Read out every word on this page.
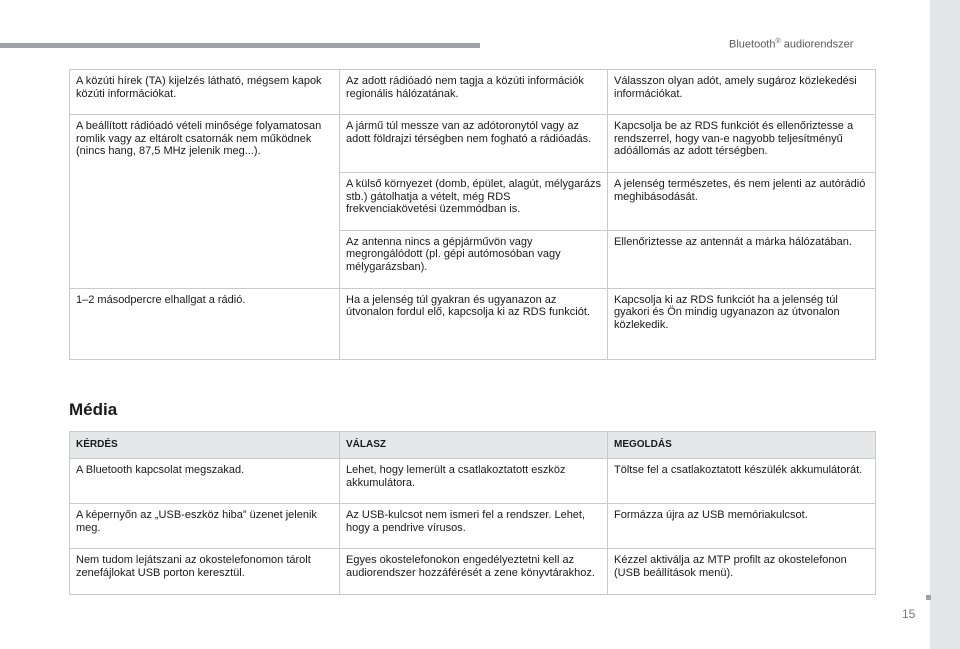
Bluetooth® audiorendszer
15
A közúti hírek (TA) kijelzés látható, mégsem kapok közúti információkat.	Az adott rádióadó nem tagja a közúti információk regionális hálózatának.	Válasszon olyan adót, amely sugároz közlekedési információkat.
A beállított rádióadó vételi minősége folyamatosan romlik vagy az eltárolt csatornák nem működnek (nincs hang, 87,5 MHz jelenik meg...).	A jármű túl messze van az adótoronytól vagy az adott földrajzi térségben nem fogható a rádióadás.	Kapcsolja be az RDS funkciót és ellenőriztesse a rendszerrel, hogy van-e nagyobb teljesítményű adóállomás az adott térségben.
	A külső környezet (domb, épület, alagút, mélygarázs stb.) gátolhatja a vételt, még RDS frekvenciakövetési üzemmódban is.	A jelenség természetes, és nem jelenti az autórádió meghibásodását.
	Az antenna nincs a gépjárművön vagy megrongálódott (pl. gépi autómosóban vagy mélygarázsban).	Ellenőriztesse az antennát a márka hálózatában.
1–2 másodpercre elhallgat a rádió.	Ha a jelenség túl gyakran és ugyanazon az útvonalon fordul elő, kapcsolja ki az RDS funkciót.	Kapcsolja ki az RDS funkciót ha a jelenség túl gyakori és Ön mindig ugyanazon az útvonalon közlekedik.
Média
KÉRDÉS	VÁLASZ	MEGOLDÁS
A Bluetooth kapcsolat megszakad.	Lehet, hogy lemerült a csatlakoztatott eszköz akkumulátora.	Töltse fel a csatlakoztatott készülék akkumulátorát.
A képernyőn az „USB-eszköz hiba” üzenet jelenik meg.	Az USB-kulcsot nem ismeri fel a rendszer. Lehet, hogy a pendrive vírusos.	Formázza újra az USB memóriakulcsot.
Nem tudom lejátszani az okostelefonomon tárolt zenefájlokat USB porton keresztül.	Egyes okostelefonokon engedélyeztetni kell az audiorendszer hozzáférését a zene könyvtárakhoz.	Kézzel aktiválja az MTP profilt az okostelefonon (USB beállítások menü).
